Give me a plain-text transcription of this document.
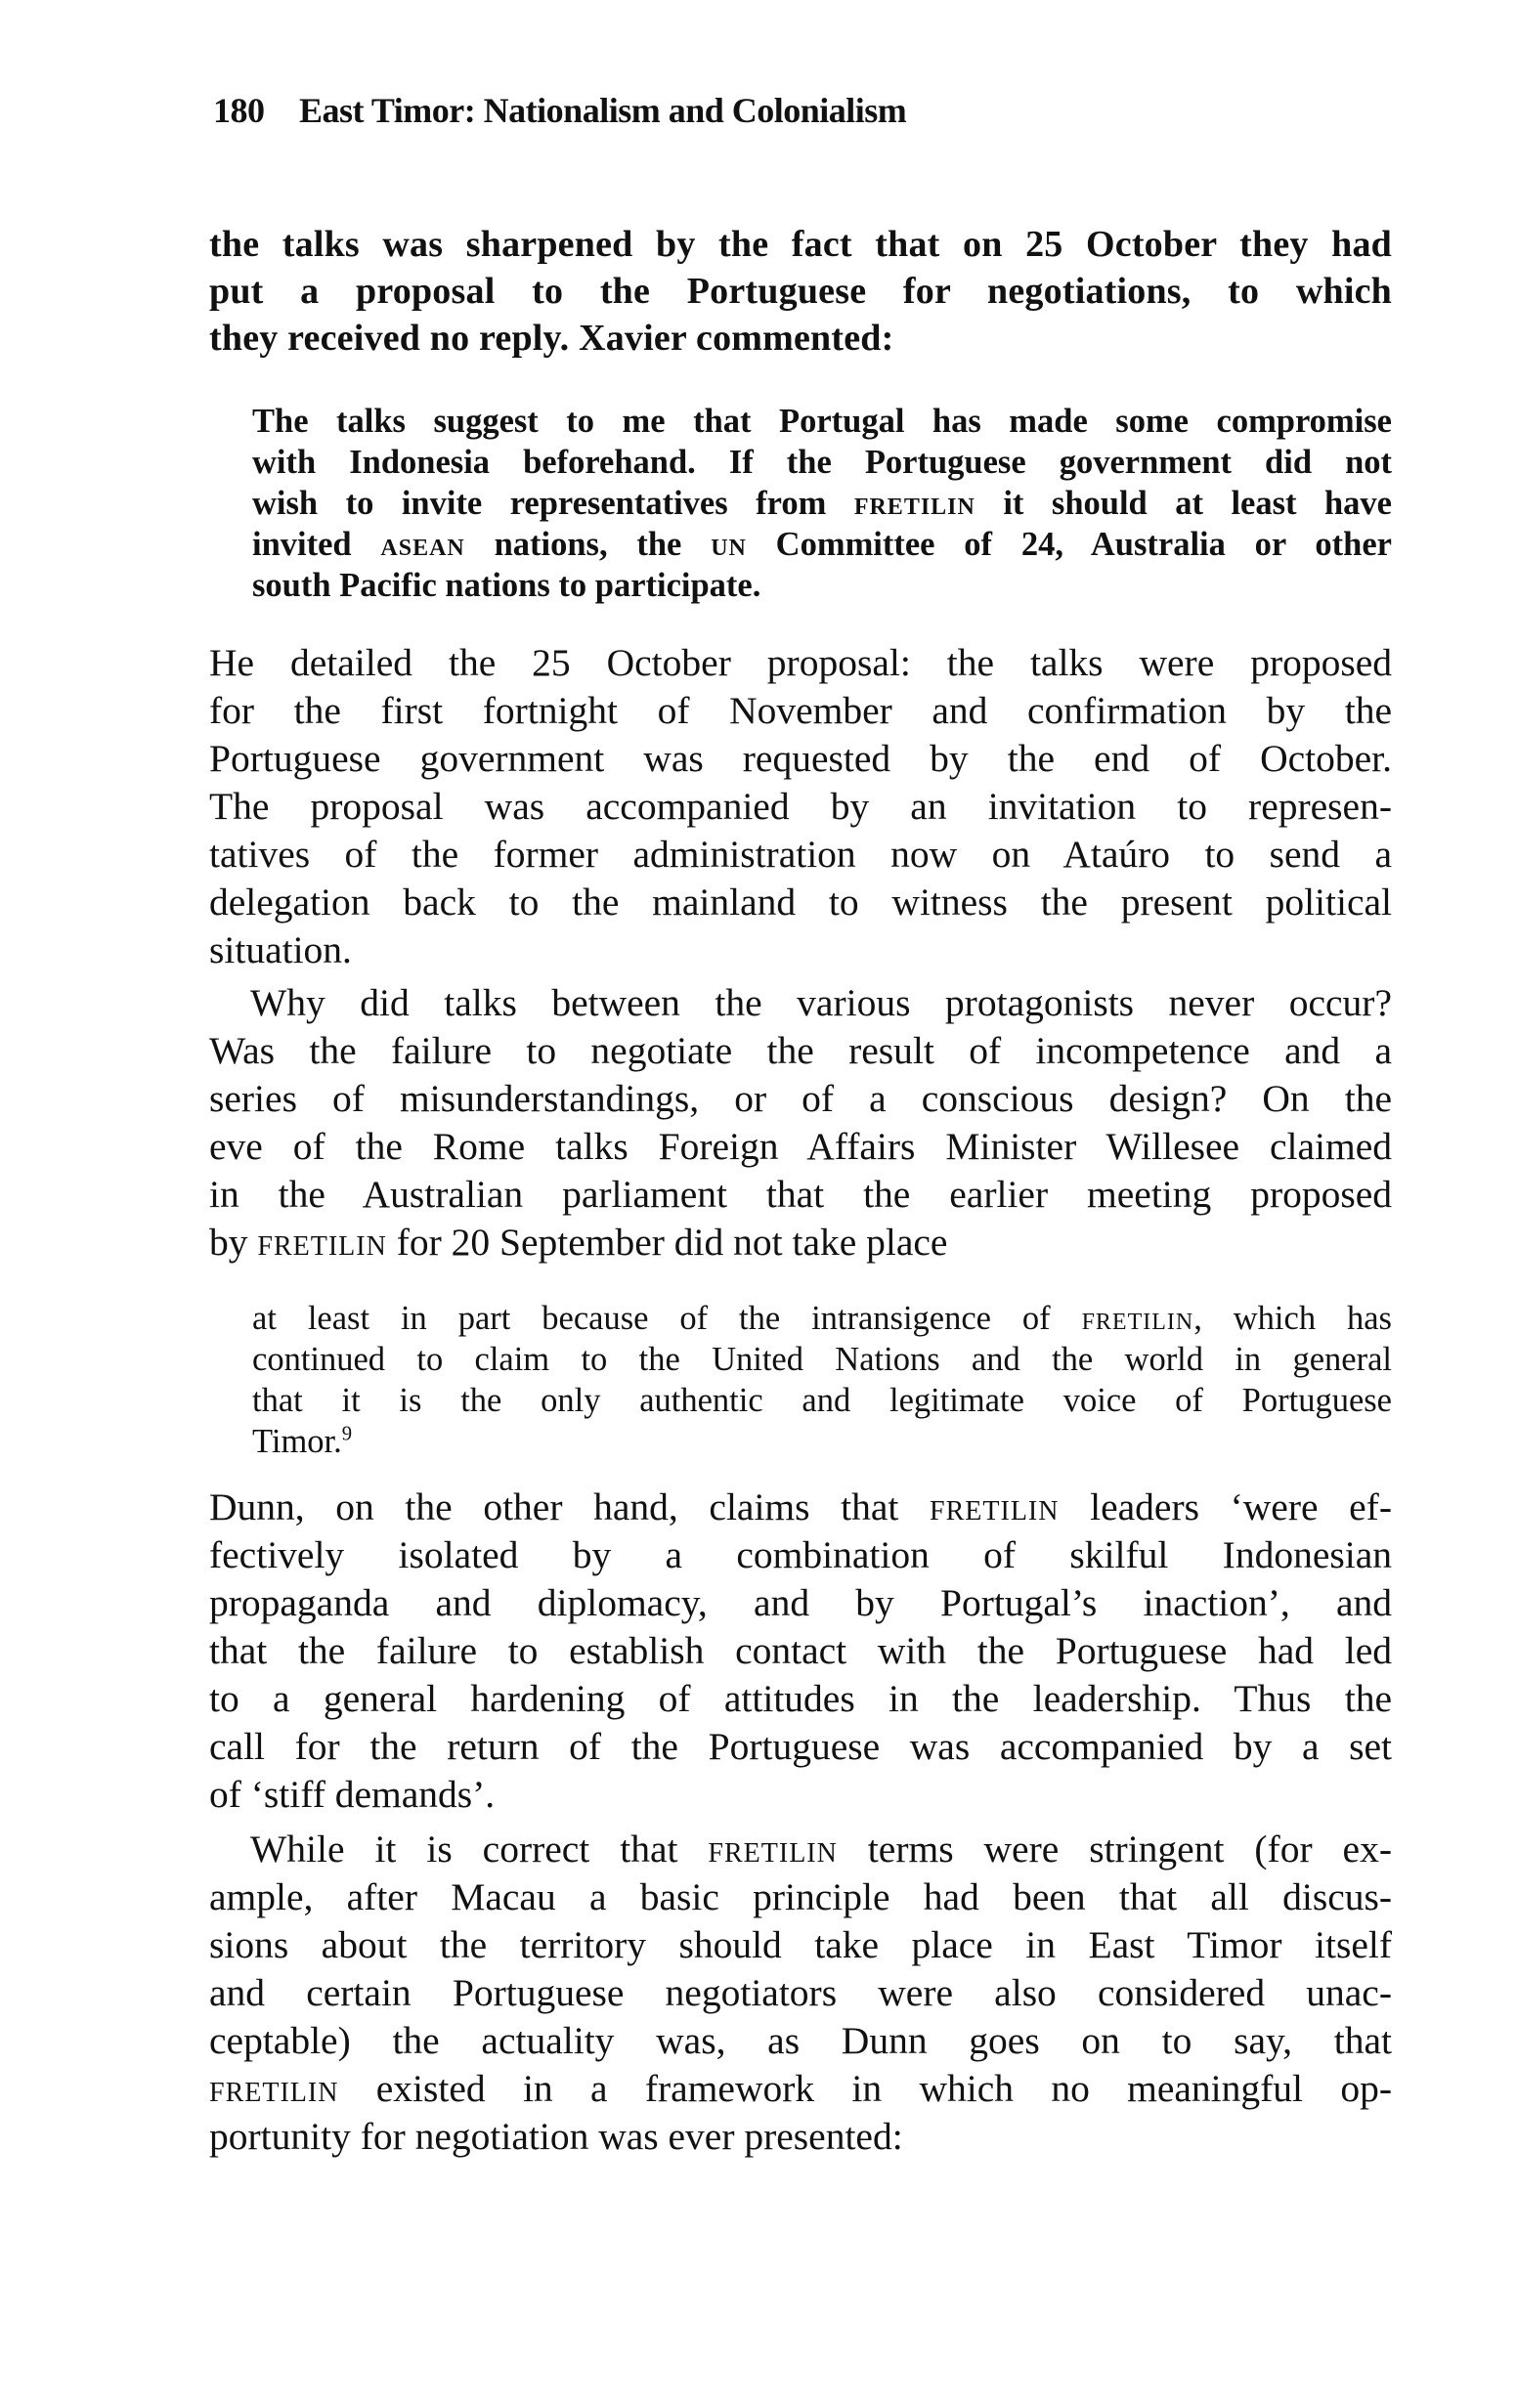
180 East Timor: Nationalism and Colonialism

the talks was sharpened by the fact that on 25 October they had
put a proposal to the Portuguese for negotiations, to which
they received no reply. Xavier commented:

The talks suggest to me that Portugal has made some compromise
with Indonesia beforehand. If the Portuguese government did not
wish to invite representatives from fretilin it should at least have
invited asean nations, the un Committee of 24, Australia or other
south Pacific nations to participate.

He detailed the 25 October proposal: the talks were proposed
for the first fortnight of November and confirmation by the
Portuguese government was requested by the end of October.
The proposal was accompanied by an invitation to represen-
tatives of the former administration now on Ataúro to send a
delegation back to the mainland to witness the present political
situation.

Why did talks between the various protagonists never occur?
Was the failure to negotiate the result of incompetence and a
series of misunderstandings, or of a conscious design? On the
eve of the Rome talks Foreign Affairs Minister Willesee claimed
in the Australian parliament that the earlier meeting proposed
by fretilin for 20 September did not take place

at least in part because of the intransigence of fretilin, which has
continued to claim to the United Nations and the world in general
that it is the only authentic and legitimate voice of Portuguese
Timor.$^9$

Dunn, on the other hand, claims that fretilin leaders ‘were ef-
fectively isolated by a combination of skilful Indonesian
propaganda and diplomacy, and by Portugal’s inaction’, and
that the failure to establish contact with the Portuguese had led
to a general hardening of attitudes in the leadership. Thus the
call for the return of the Portuguese was accompanied by a set
of ‘stiff demands’.

While it is correct that fretilin terms were stringent (for ex-
ample, after Macau a basic principle had been that all discus-
sions about the territory should take place in East Timor itself
and certain Portuguese negotiators were also considered unac-
ceptable) the actuality was, as Dunn goes on to say, that
fretilin existed in a framework in which no meaningful op-
portunity for negotiation was ever presented:
